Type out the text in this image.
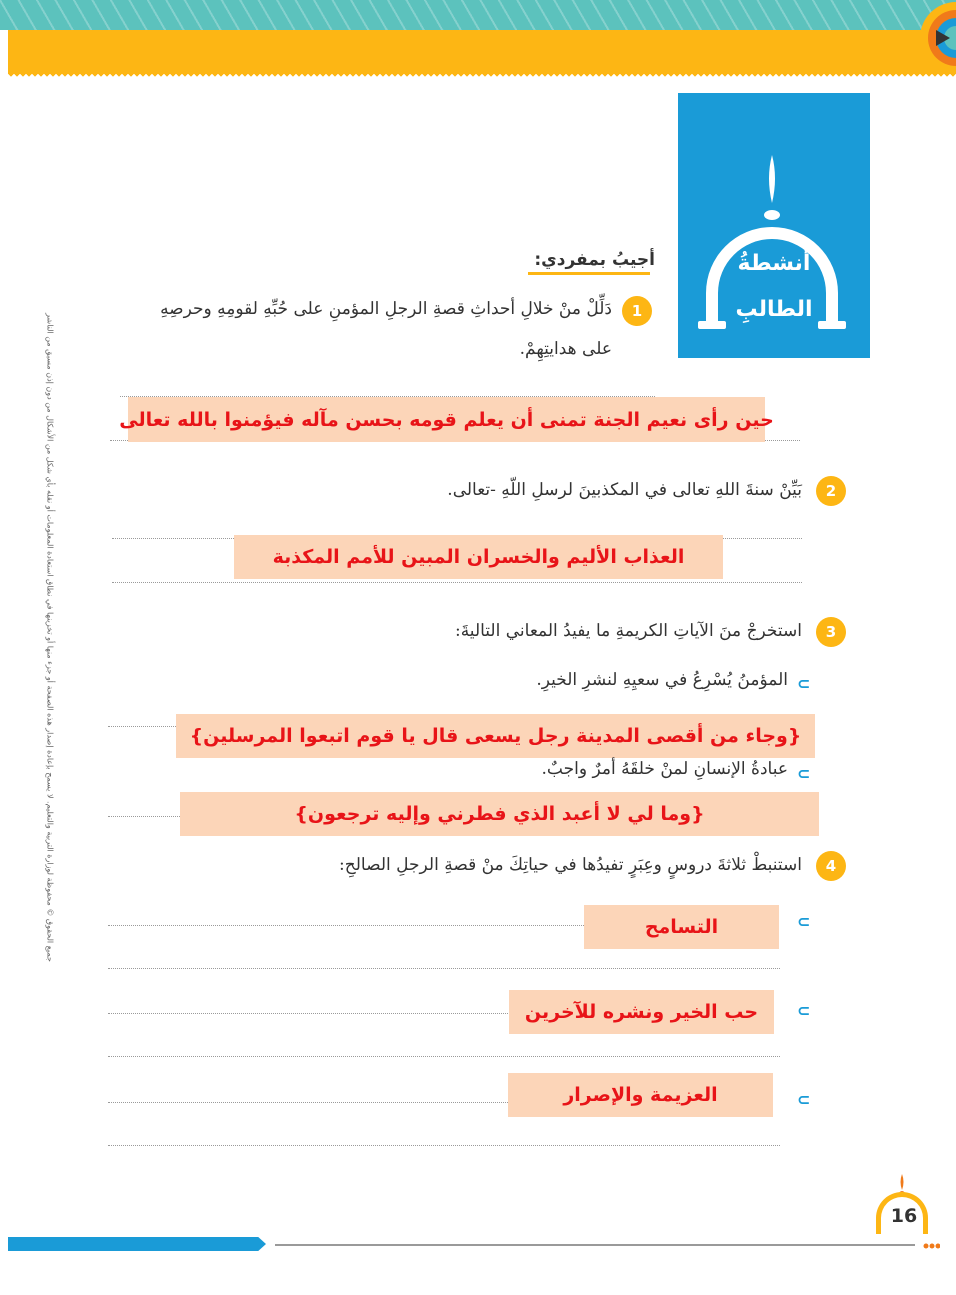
أنشطةُ
الطالبِ
جميع الحقوق © محفوظة لوزارة التربية والتعليم. لا يسمح بإعادة إصدار هذه الصفحة أو جزء منها أو تخزينها في نطاق استعادة المعلومات أو نقله بأي شكل من الأشكال من دون إذن مسبق من الناشر
أجيبُ بمفردي:
1
دَلِّلْ منْ خلالِ أحداثِ قصةِ الرجلِ المؤمنِ على حُبِّهِ لقومِهِ وحرصِهِ
على هدايتِهِمْ.
حين رأى نعيم الجنة تمنى أن يعلم قومه بحسن مآله فيؤمنوا بالله تعالى
2
بَيِّنْ سنةَ اللهِ تعالى في المكذبينَ لرسلِ اللّهِ -تعالى.
العذاب الأليم والخسران المبين للأمم المكذبة
3
استخرجْ منَ الآياتِ الكريمةِ ما يفيدُ المعاني التاليةَ:
⊂
المؤمنُ يُسْرِعُ في سعيِهِ لنشرِ الخيرِ.
{وجاء من أقصى المدينة رجل يسعى قال يا قوم اتبعوا المرسلين}
⊂
عبادةُ الإنسانِ لمنْ خلقَهُ أمرٌ واجبٌ.
{وما لي لا أعبد الذي فطرني وإليه ترجعون}
4
استنبطْ ثلاثةَ دروسٍ وعِبَرٍ تفيدُها في حياتِكَ منْ قصةِ الرجلِ الصالحِ:
⊂
التسامح
⊂
حب الخير ونشره للآخرين
⊂
العزيمة والإصرار
16
